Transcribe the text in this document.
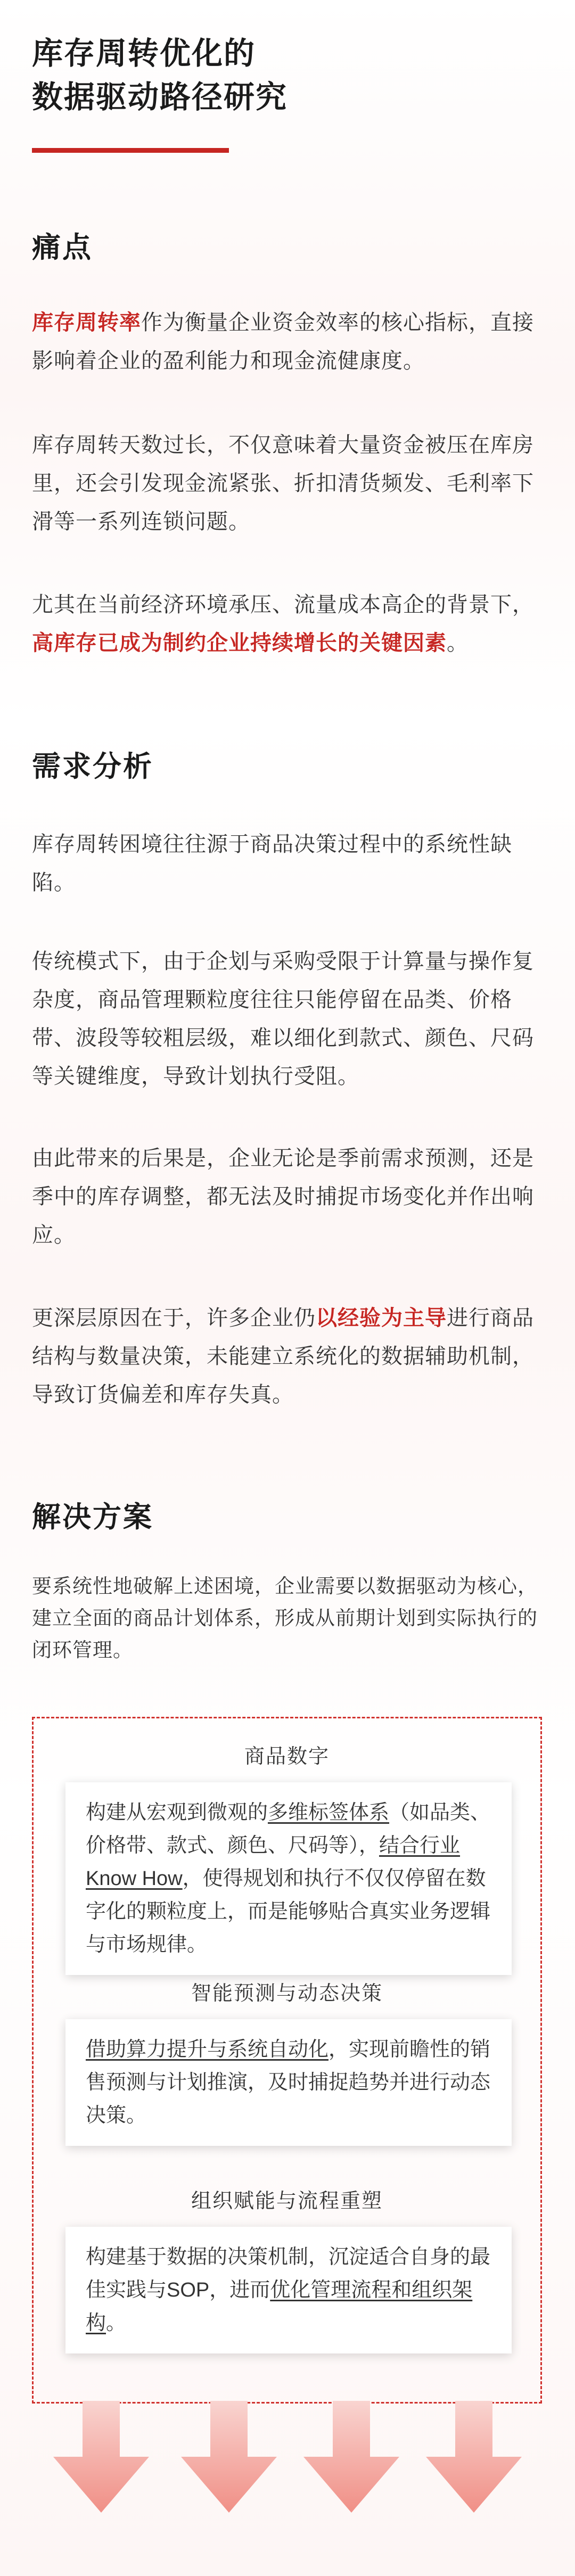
库存周转优化的
数据驱动路径研究
痛点

库存周转率作为衡量企业资金效率的核心指标，直接影响着企业的盈利能力和现金流健康度。

库存周转天数过长，不仅意味着大量资金被压在库房里，还会引发现金流紧张、折扣清货频发、毛利率下滑等一系列连锁问题。

尤其在当前经济环境承压、流量成本高企的背景下，高库存已成为制约企业持续增长的关键因素。

需求分析

库存周转困境往往源于商品决策过程中的系统性缺陷。

传统模式下，由于企划与采购受限于计算量与操作复杂度，商品管理颗粒度往往只能停留在品类、价格带、波段等较粗层级，难以细化到款式、颜色、尺码等关键维度，导致计划执行受阻。

由此带来的后果是，企业无论是季前需求预测，还是季中的库存调整，都无法及时捕捉市场变化并作出响应。

更深层原因在于，许多企业仍以经验为主导进行商品结构与数量决策，未能建立系统化的数据辅助机制，导致订货偏差和库存失真。

解决方案

要系统性地破解上述困境，企业需要以数据驱动为核心，建立全面的商品计划体系，形成从前期计划到实际执行的闭环管理。

商品数字
构建从宏观到微观的多维标签体系（如品类、价格带、款式、颜色、尺码等），结合行业 Know How，使得规划和执行不仅仅停留在数字化的颗粒度上，而是能够贴合真实业务逻辑与市场规律。
智能预测与动态决策
借助算力提升与系统自动化，实现前瞻性的销售预测与计划推演，及时捕捉趋势并进行动态决策。
组织赋能与流程重塑
构建基于数据的决策机制，沉淀适合自身的最佳实践与SOP，进而优化管理流程和组织架构。
